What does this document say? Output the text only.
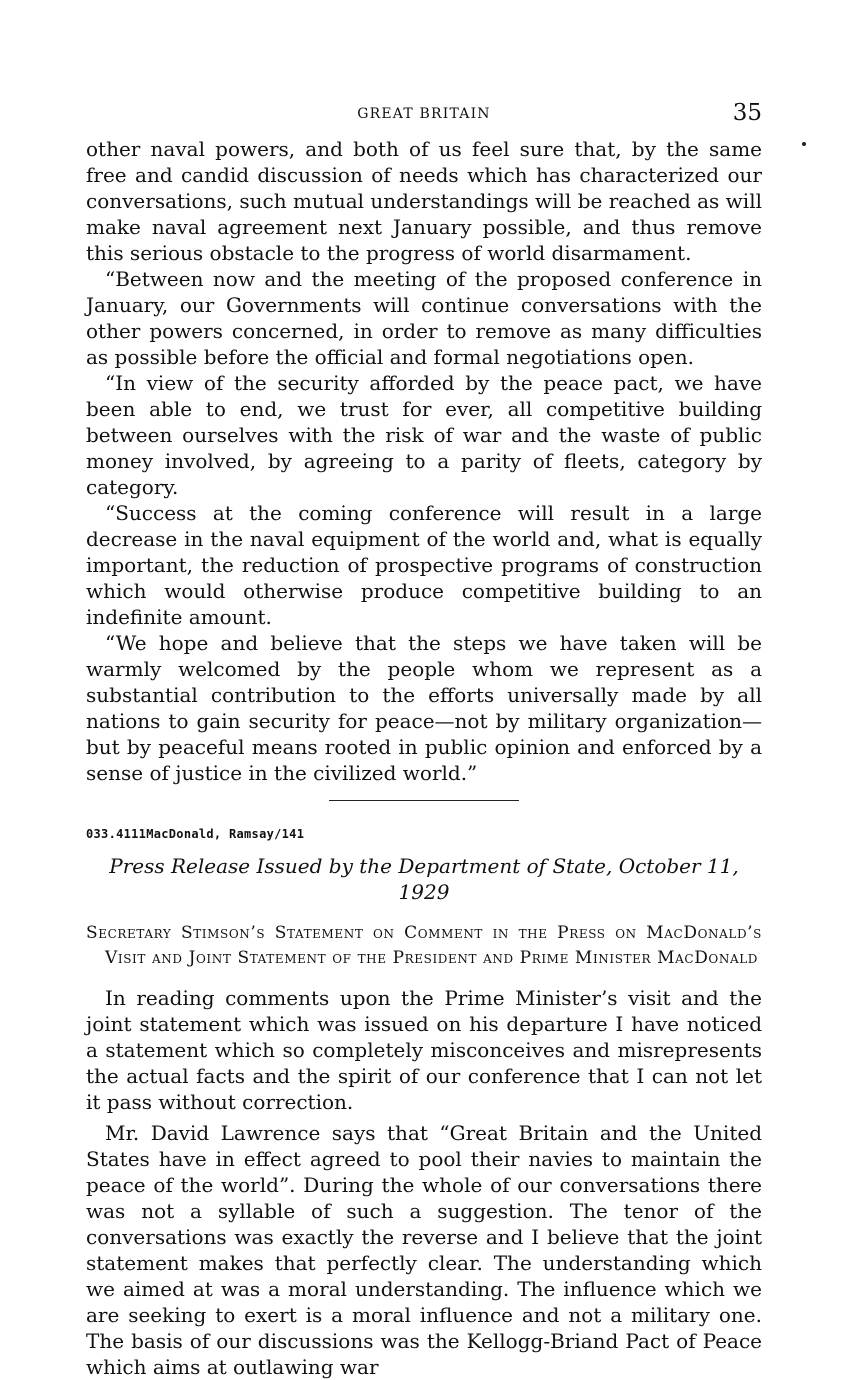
GREAT BRITAIN	35

other naval powers, and both of us feel sure that, by the same free and candid discussion of needs which has characterized our conversations, such mutual understandings will be reached as will make naval agreement next January possible, and thus remove this serious obstacle to the progress of world disarmament.

“Between now and the meeting of the proposed conference in January, our Governments will continue conversations with the other powers concerned, in order to remove as many difficulties as possible before the official and formal negotiations open.

“In view of the security afforded by the peace pact, we have been able to end, we trust for ever, all competitive building between ourselves with the risk of war and the waste of public money involved, by agreeing to a parity of fleets, category by category.

“Success at the coming conference will result in a large decrease in the naval equipment of the world and, what is equally important, the reduction of prospective programs of construction which would otherwise produce competitive building to an indefinite amount.

“We hope and believe that the steps we have taken will be warmly welcomed by the people whom we represent as a substantial contribution to the efforts universally made by all nations to gain security for peace—not by military organization—but by peaceful means rooted in public opinion and enforced by a sense of justice in the civilized world.”

033.4111MacDonald, Ramsay/141
Press Release Issued by the Department of State, October 11, 1929
Secretary Stimson’s Statement on Comment in the Press on MacDonald’s Visit and Joint Statement of the President and Prime Minister MacDonald

In reading comments upon the Prime Minister’s visit and the joint statement which was issued on his departure I have noticed a statement which so completely misconceives and misrepresents the actual facts and the spirit of our conference that I can not let it pass without correction.

Mr. David Lawrence says that “Great Britain and the United States have in effect agreed to pool their navies to maintain the peace of the world”. During the whole of our conversations there was not a syllable of such a suggestion. The tenor of the conversations was exactly the reverse and I believe that the joint statement makes that perfectly clear. The understanding which we aimed at was a moral understanding. The influence which we are seeking to exert is a moral influence and not a military one. The basis of our discussions was the Kellogg-Briand Pact of Peace which aims at outlawing war
